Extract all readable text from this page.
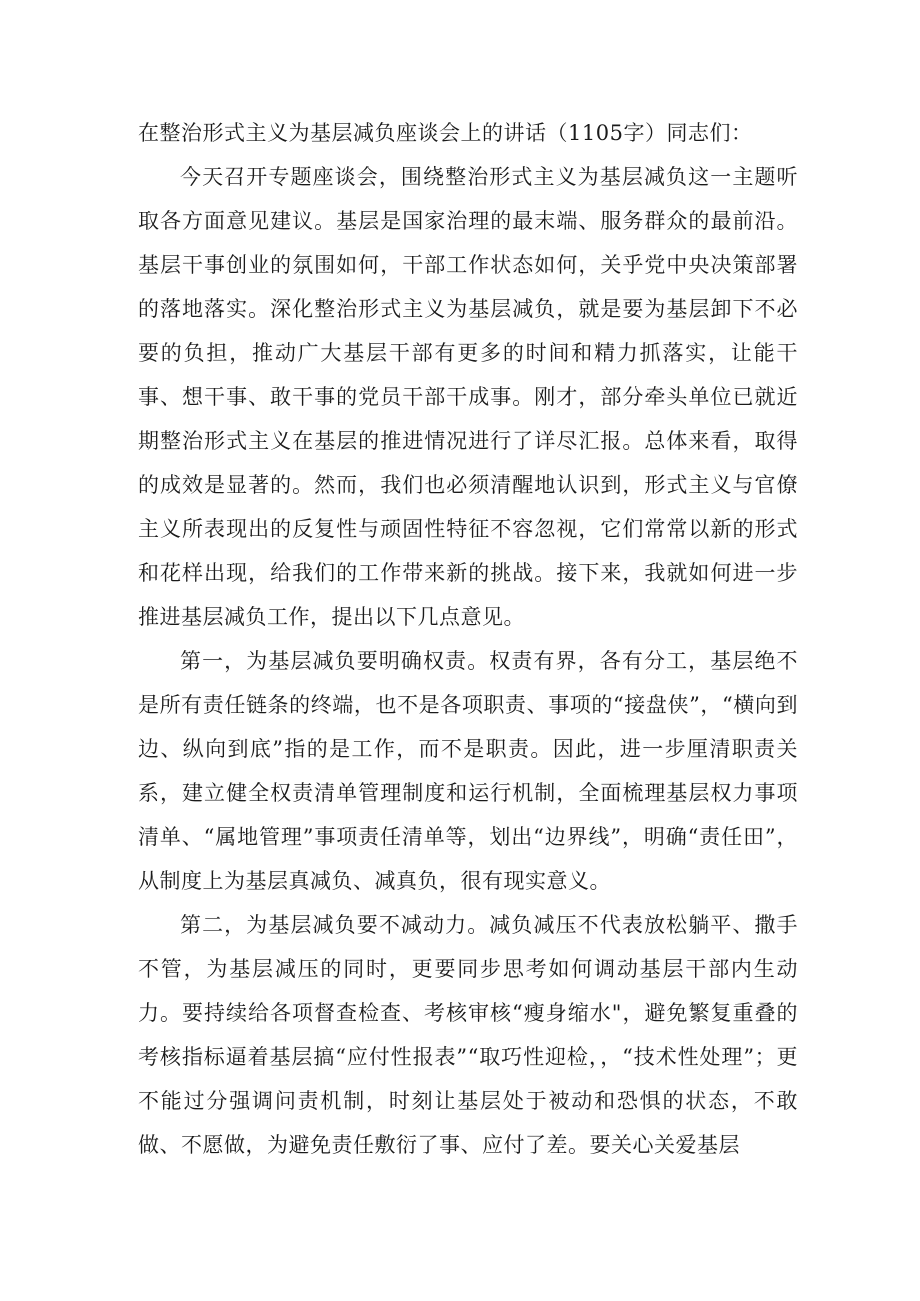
在整治形式主义为基层减负座谈会上的讲话（1105字）同志们：

今天召开专题座谈会，围绕整治形式主义为基层减负这一主题听取各方面意见建议。基层是国家治理的最末端、服务群众的最前沿。基层干事创业的氛围如何，干部工作状态如何，关乎党中央决策部署的落地落实。深化整治形式主义为基层减负，就是要为基层卸下不必要的负担，推动广大基层干部有更多的时间和精力抓落实，让能干事、想干事、敢干事的党员干部干成事。刚才，部分牵头单位已就近期整治形式主义在基层的推进情况进行了详尽汇报。总体来看，取得的成效是显著的。然而，我们也必须清醒地认识到，形式主义与官僚主义所表现出的反复性与顽固性特征不容忽视，它们常常以新的形式和花样出现，给我们的工作带来新的挑战。接下来，我就如何进一步推进基层减负工作，提出以下几点意见。

第一，为基层减负要明确权责。权责有界，各有分工，基层绝不是所有责任链条的终端，也不是各项职责、事项的“接盘侠”，“横向到边、纵向到底”指的是工作，而不是职责。因此，进一步厘清职责关系，建立健全权责清单管理制度和运行机制，全面梳理基层权力事项清单、“属地管理”事项责任清单等，划出“边界线”，明确“责任田”，从制度上为基层真减负、减真负，很有现实意义。

第二，为基层减负要不减动力。减负减压不代表放松躺平、撒手不管，为基层减压的同时，更要同步思考如何调动基层干部内生动力。要持续给各项督查检查、考核审核“瘦身缩水"，避免繁复重叠的考核指标逼着基层搞“应付性报表”“取巧性迎检，，“技术性处理”；更不能过分强调问责机制，时刻让基层处于被动和恐惧的状态，不敢做、不愿做，为避免责任敷衍了事、应付了差。要关心关爱基层
